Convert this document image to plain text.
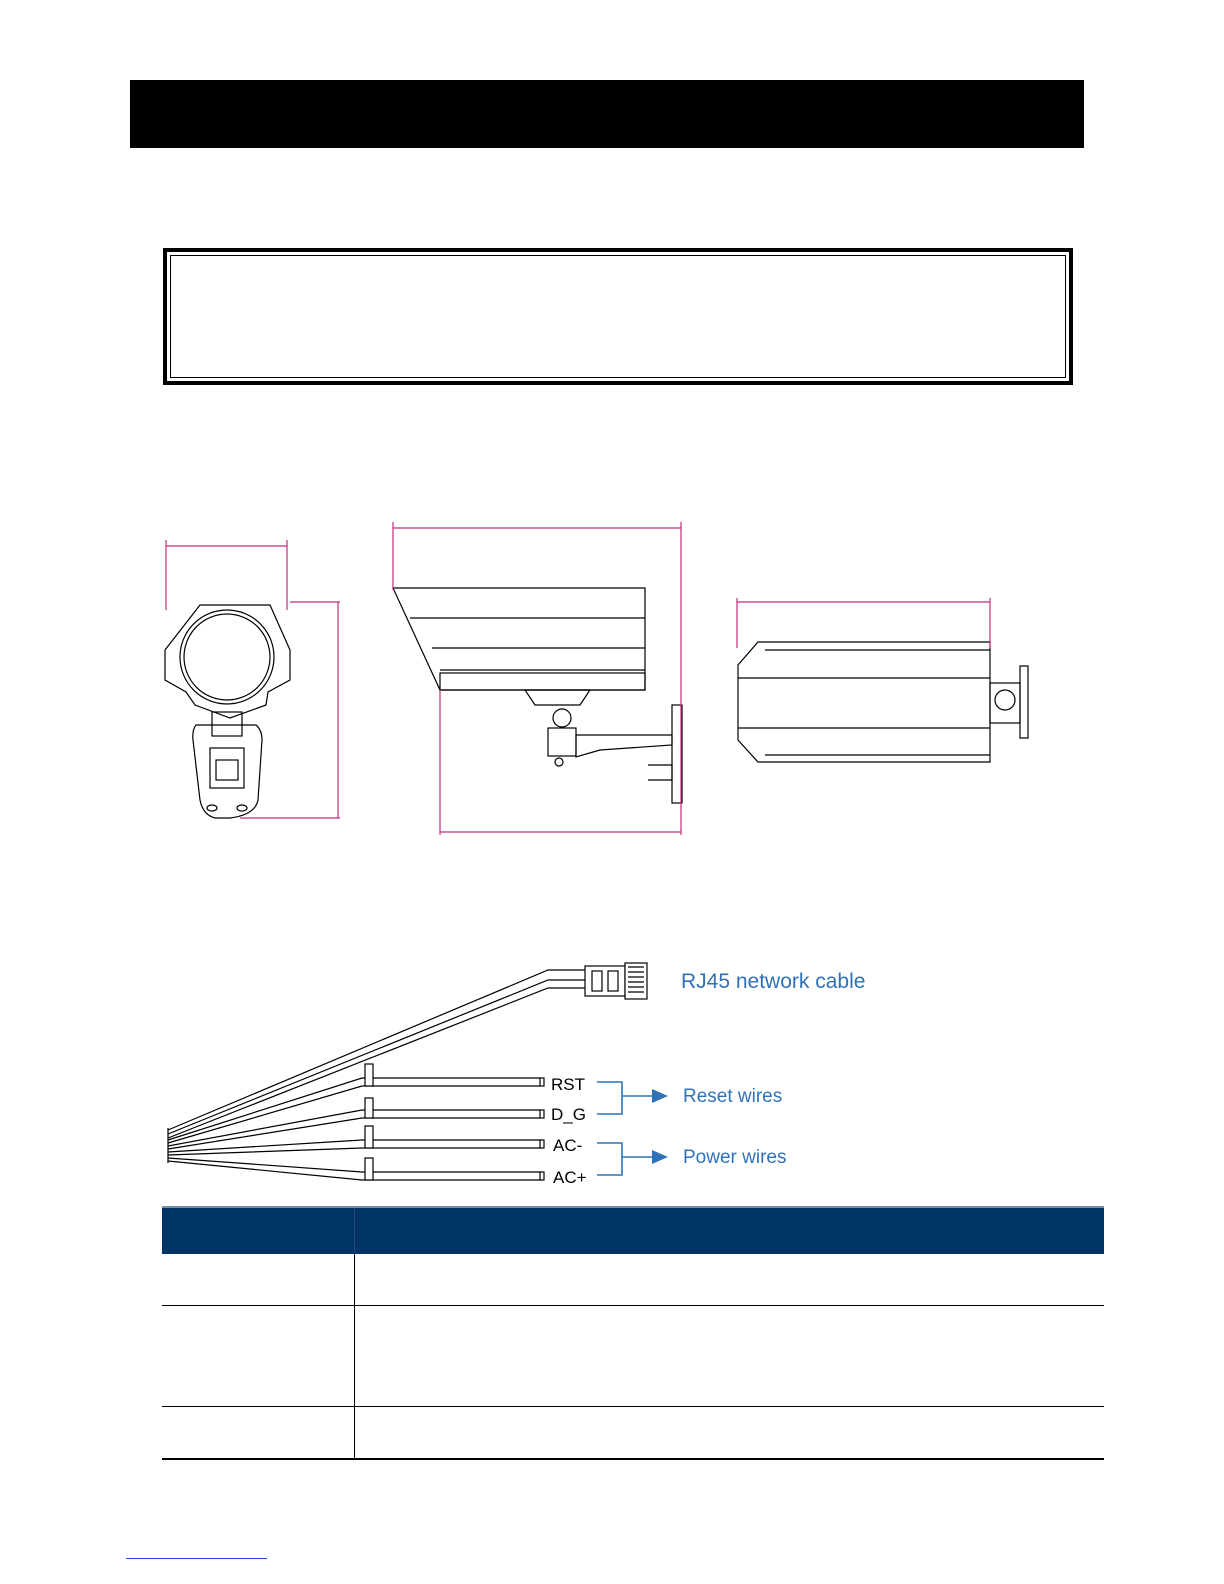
RJ45 network cable
RST
D_G
AC-
AC+
Reset wires
Power wires
